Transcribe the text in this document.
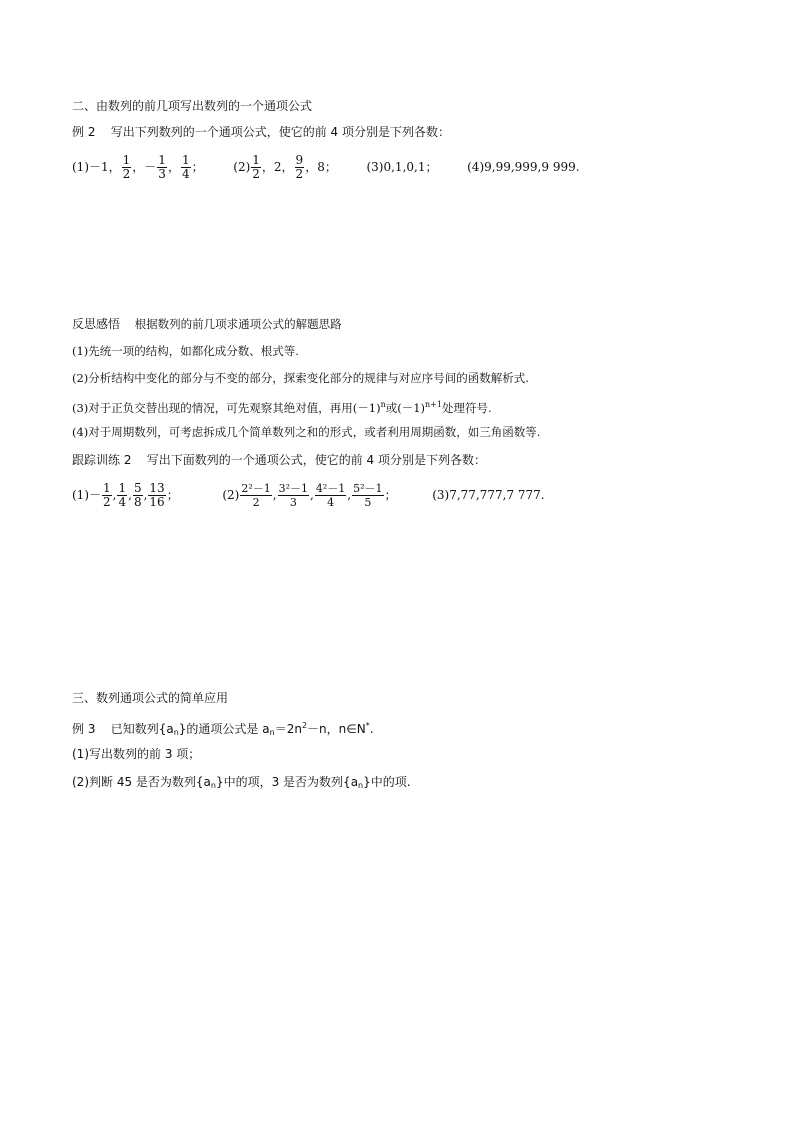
二、由数列的前几项写出数列的一个通项公式
例 2 写出下列数列的一个通项公式，使它的前 4 项分别是下列各数：
(1)－1， $\frac{1}{2}$ ，－ $\frac{1}{3}$ ， $\frac{1}{4}$ ； $(2) \frac{1}{2}$ ，2， $\frac{9}{2}$ ，8； (3)0,1,0,1； (4)9,99,999,9 999.
反思感悟 根据数列的前几项求通项公式的解题思路
(1)先统一项的结构，如都化成分数、根式等.
(2)分析结构中变化的部分与不变的部分，探索变化部分的规律与对应序号间的函数解析式.
(3)对于正负交替出现的情况，可先观察其绝对值，再用$(-1)^n$或$(-1)^{n+1}$处理符号.
(4)对于周期数列，可考虑拆成几个简单数列之和的形式，或者利用周期函数，如三角函数等.
跟踪训练 2 写出下面数列的一个通项公式，使它的前 4 项分别是下列各数：
$(1)- \frac{1}{2}$ , $\frac{1}{4}$ , $\frac{5}{8}$ , $\frac{13}{16}$ ；	$(2) \frac{\text{2²－1}}{2}$ , $\frac{\text{3²－1}}{3}$ , $\frac{\text{4²－1}}{4}$ , $\frac{\text{5²－1}}{5}$ ；	(3)7,77,777,7 777.
三、数列通项公式的简单应用
例 3 已知数列$\{a_n\}$的通项公式是 $a_n=2n^2-n$，n∈N*.
(1)写出数列的前 3 项；
(2)判断 45 是否为数列$\{a_n\}$中的项，3 是否为数列$\{a_n\}$中的项.
